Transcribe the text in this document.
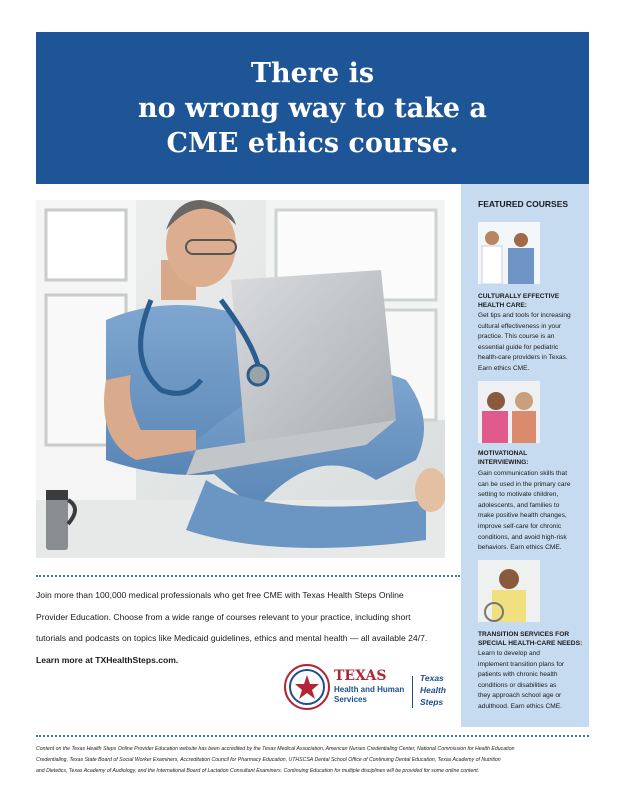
There is
no wrong way to take a
CME ethics course.
Join more than 100,000 medical professionals who get free CME with Texas Health Steps Online
Provider Education. Choose from a wide range of courses relevant to your practice, including short
tutorials and podcasts on topics like Medicaid guidelines, ethics and mental health — all available 24/7.
Learn more at TXHealthSteps.com.
TEXAS
Health and Human
Services
Texas
Health
Steps
FEATURED COURSES
CULTURALLY EFFECTIVE
HEALTH CARE:
Get tips and tools for increasing
cultural effectiveness in your
practice. This course is an
essential guide for pediatric
health-care providers in Texas.
Earn ethics CME.
MOTIVATIONAL
INTERVIEWING:
Gain communication skills that
can be used in the primary care
setting to motivate children,
adolescents, and families to
make positive health changes,
improve self-care for chronic
conditions, and avoid high-risk
behaviors. Earn ethics CME.
TRANSITION SERVICES FOR
SPECIAL HEALTH-CARE NEEDS:
Learn to develop and
implement transition plans for
patients with chronic health
conditions or disabilities as
they approach school age or
adulthood. Earn ethics CME.
Content on the Texas Health Steps Online Provider Education website has been accredited by the Texas Medical Association, American Nurses Credentialing Center, National Commission for Health Education
Credentialing, Texas State Board of Social Worker Examiners, Accreditation Council for Pharmacy Education, UTHSCSA Dental School Office of Continuing Dental Education, Texas Academy of Nutrition
and Dietetics, Texas Academy of Audiology, and the International Board of Lactation Consultant Examiners. Continuing Education for multiple disciplines will be provided for some online content.
